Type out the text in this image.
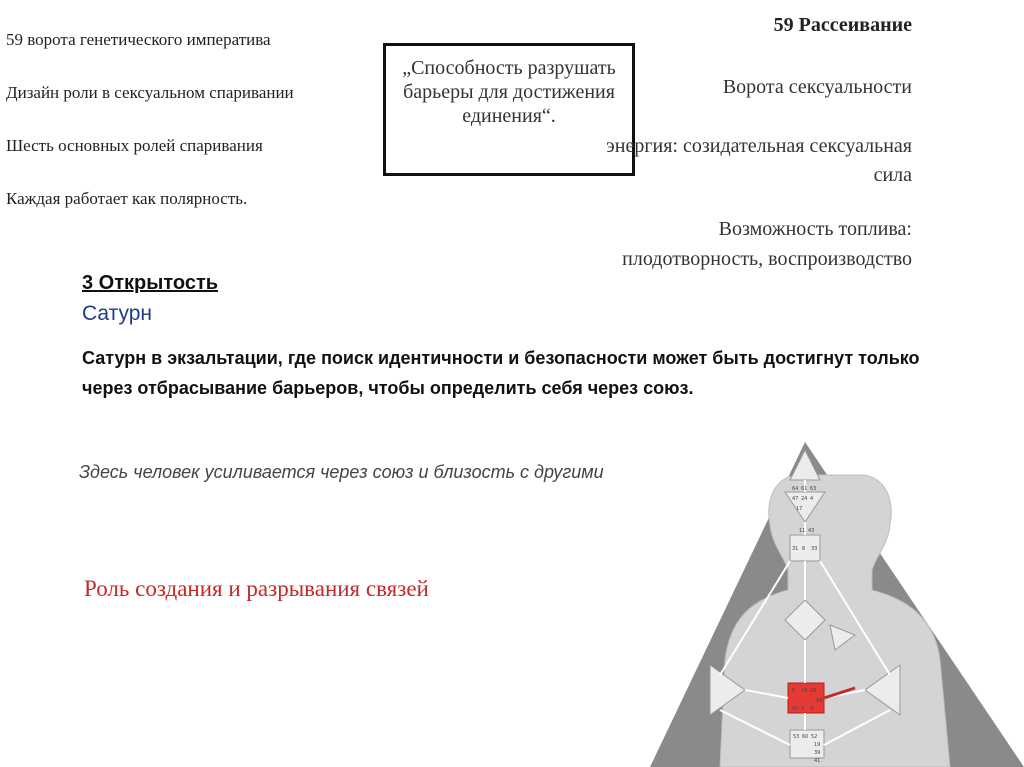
59 ворота генетического императива
Дизайн роли в сексуальном спаривании
Шесть основных ролей спаривания
Каждая работает как полярность.
„Способность разрушать барьеры для достижения единения“.
59 Рассеивание
Ворота сексуальности
энергия: созидательная сексуальная сила
Возможность топлива: плодотворность, воспроизводство
3 Открытость
Сатурн
Сатурн в экзальтации, где поиск идентичности и безопасности может быть достигнут только через отбрасывание барьеров, чтобы определить себя через союз.
Здесь человек усиливается через союз и близость с другими
Роль создания и разрывания связей
64 61 63
47 24 4
17
11 43
31 8 33
5 14 29
59
9
3
42
53 60 52
19
39
41
